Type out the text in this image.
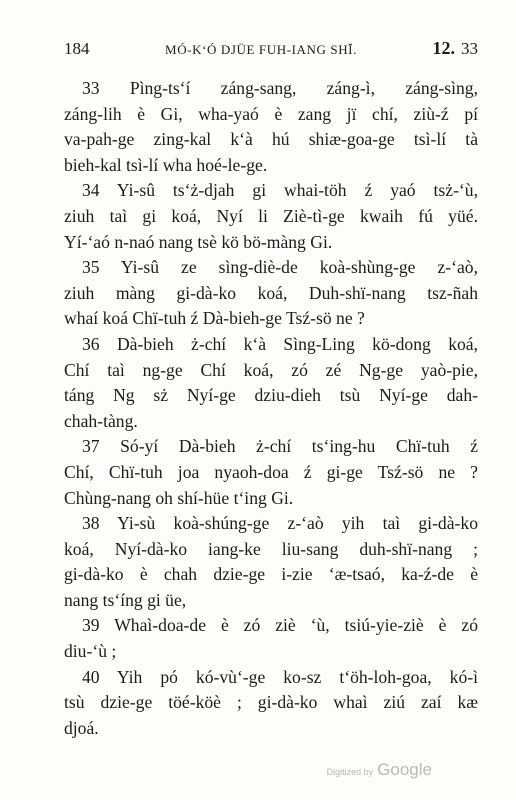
184	MÓ-K‘Ó DJÜE FUH-IANG SHĬ.	12. 33
33 Pìng-ts‘í záng-sang, záng-ì, záng-sìng,
záng-lih è Gi, wha-yaó è zang jï chí, ziù-ź pí
va-pah-ge zing-kal k‘à hú shiæ-goa-ge tsì-lí tà
bieh-kal tsì-lí wha hoé-le-ge.
34 Yi-sû ts‘ż-djah gi whai-töh ź yaó tsż-‘ù,
ziuh taì gi koá, Nyí li Ziè-tì-ge kwaih fú yüé.
Yí-‘aó n-naó nang tsè kö bö-màng Gi.
35 Yi-sû ze sìng-diè-de koà-shùng-ge z-‘aò,
ziuh màng gi-dà-ko koá, Duh-shï-nang tsz-ñah
whaí koá Chï-tuh ź Dà-bieh-ge Tsź-sö ne ?
36 Dà-bieh ż-chí k‘à Sìng-Ling kö-dong koá,
Chí taì ng-ge Chí koá, zó zé Ng-ge yaò-pie,
táng Ng sż Nyí-ge dziu-dieh tsù Nyí-ge dah-
chah-tàng.
37 Só-yí Dà-bieh ż-chí ts‘ing-hu Chï-tuh ź
Chí, Chï-tuh joa nyaoh-doa ź gi-ge Tsź-sö ne ?
Chùng-nang oh shí-hüe t‘ing Gi.
38 Yi-sù koà-shúng-ge z-‘aò yih taì gi-dà-ko
koá, Nyí-dà-ko iang-ke liu-sang duh-shï-nang ;
gi-dà-ko è chah dzie-ge i-zie ‘æ-tsaó, ka-ź-de è
nang ts‘íng gi üe,
39 Whaì-doa-de è zó ziè ‘ù, tsiú-yie-ziè è zó
diu-‘ù ;
40 Yih pó kó-vù‘-ge ko-sz t‘öh-loh-goa, kó-ì
tsù dzie-ge töé-köè ; gi-dà-ko whaì ziú zaí kæ
djoá.
Digitized by Google
